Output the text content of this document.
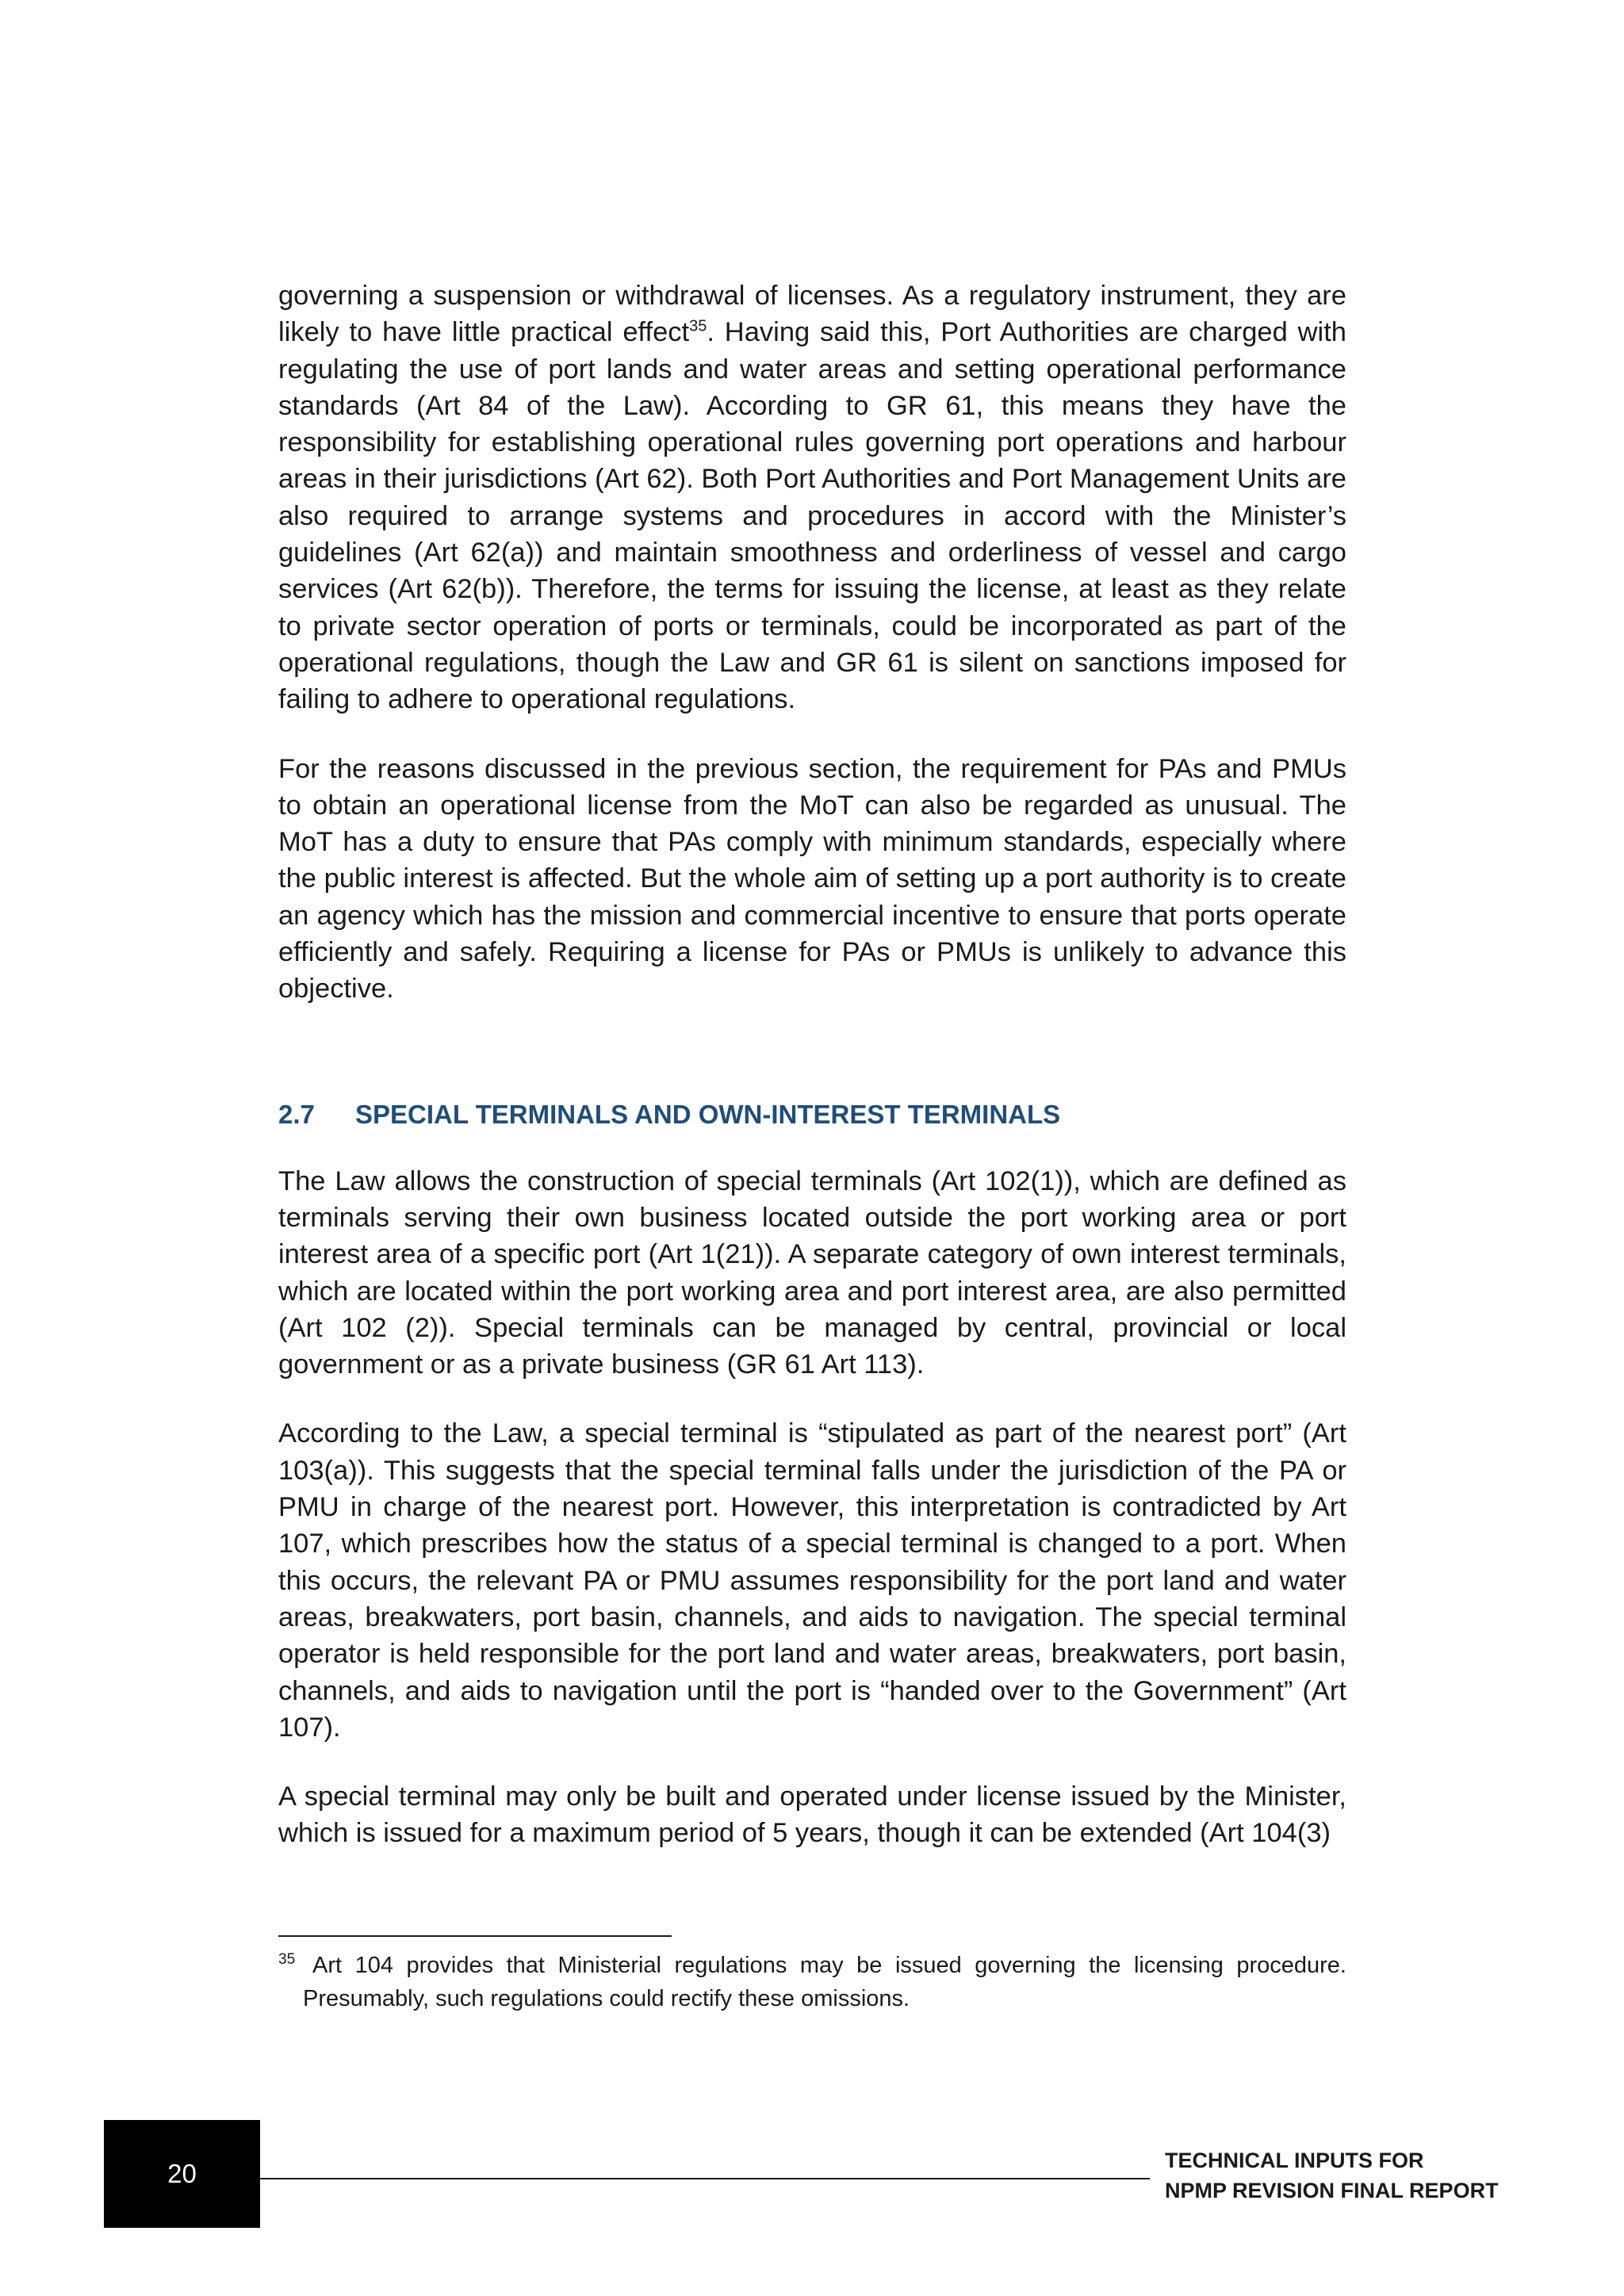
governing a suspension or withdrawal of licenses. As a regulatory instrument, they are likely to have little practical effect$^{35}$. Having said this, Port Authorities are charged with regulating the use of port lands and water areas and setting operational performance standards (Art 84 of the Law). According to GR 61, this means they have the responsibility for establishing operational rules governing port operations and harbour areas in their jurisdictions (Art 62). Both Port Authorities and Port Management Units are also required to arrange systems and procedures in accord with the Minister’s guidelines (Art 62(a)) and maintain smoothness and orderliness of vessel and cargo services (Art 62(b)). Therefore, the terms for issuing the license, at least as they relate to private sector operation of ports or terminals, could be incorporated as part of the operational regulations, though the Law and GR 61 is silent on sanctions imposed for failing to adhere to operational regulations.

For the reasons discussed in the previous section, the requirement for PAs and PMUs to obtain an operational license from the MoT can also be regarded as unusual. The MoT has a duty to ensure that PAs comply with minimum standards, especially where the public interest is affected. But the whole aim of setting up a port authority is to create an agency which has the mission and commercial incentive to ensure that ports operate efficiently and safely. Requiring a license for PAs or PMUs is unlikely to advance this objective.

2.7 SPECIAL TERMINALS AND OWN-INTEREST TERMINALS

The Law allows the construction of special terminals (Art 102(1)), which are defined as terminals serving their own business located outside the port working area or port interest area of a specific port (Art 1(21)). A separate category of own interest terminals, which are located within the port working area and port interest area, are also permitted (Art 102 (2)). Special terminals can be managed by central, provincial or local government or as a private business (GR 61 Art 113).

According to the Law, a special terminal is “stipulated as part of the nearest port” (Art 103(a)). This suggests that the special terminal falls under the jurisdiction of the PA or PMU in charge of the nearest port. However, this interpretation is contradicted by Art 107, which prescribes how the status of a special terminal is changed to a port. When this occurs, the relevant PA or PMU assumes responsibility for the port land and water areas, breakwaters, port basin, channels, and aids to navigation. The special terminal operator is held responsible for the port land and water areas, breakwaters, port basin, channels, and aids to navigation until the port is “handed over to the Government” (Art 107).

A special terminal may only be built and operated under license issued by the Minister, which is issued for a maximum period of 5 years, though it can be extended (Art 104(3)

$^{35}$ Art 104 provides that Ministerial regulations may be issued governing the licensing procedure. Presumably, such regulations could rectify these omissions.
20	TECHNICAL INPUTS FOR
NPMP REVISION FINAL REPORT
